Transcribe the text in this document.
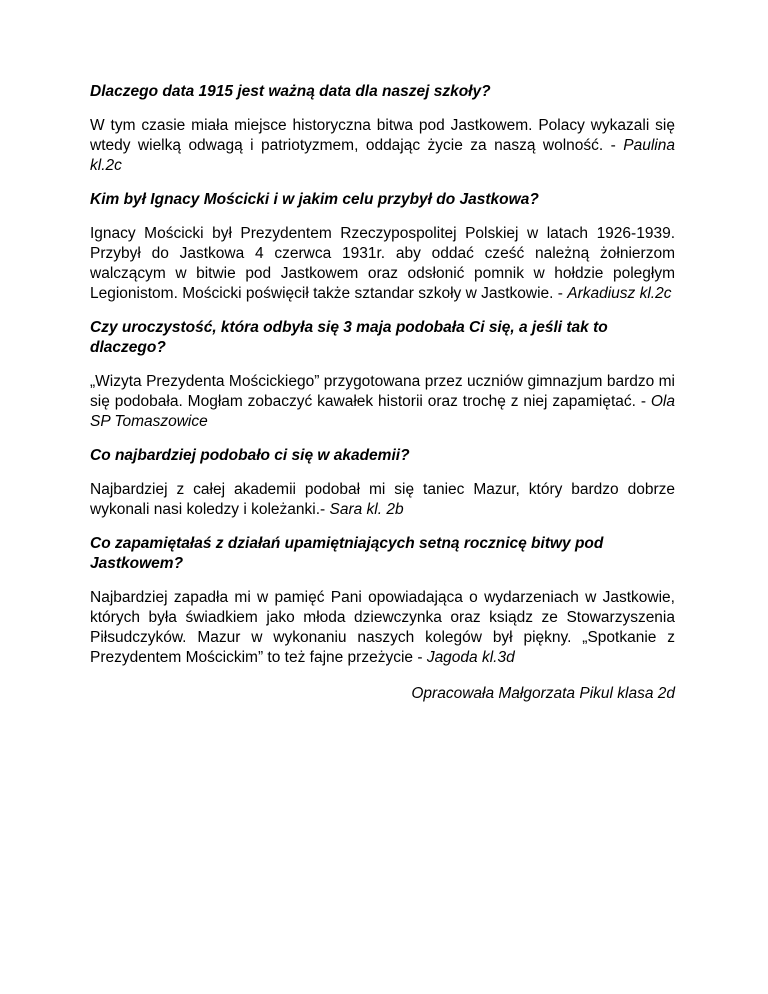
Dlaczego data 1915 jest ważną data dla naszej szkoły?

W tym czasie miała miejsce historyczna bitwa pod Jastkowem. Polacy wykazali się wtedy wielką odwagą i patriotyzmem, oddając życie za naszą wolność. - Paulina kl.2c

Kim był Ignacy Mościcki i w jakim celu przybył do Jastkowa?

Ignacy Mościcki był Prezydentem Rzeczypospolitej Polskiej w latach 1926-1939. Przybył do Jastkowa 4 czerwca 1931r. aby oddać cześć należną żołnierzom walczącym w bitwie pod Jastkowem oraz odsłonić pomnik w hołdzie poległym Legionistom. Mościcki poświęcił także sztandar szkoły w Jastkowie. - Arkadiusz kl.2c

Czy uroczystość, która odbyła się 3 maja podobała Ci się, a jeśli tak to dlaczego?

„Wizyta Prezydenta Mościckiego” przygotowana przez uczniów gimnazjum bardzo mi się podobała. Mogłam zobaczyć kawałek historii oraz trochę z niej zapamiętać. - Ola SP Tomaszowice

Co najbardziej podobało ci się w akademii?

Najbardziej z całej akademii podobał mi się taniec Mazur, który bardzo dobrze wykonali nasi koledzy i koleżanki.- Sara kl. 2b

Co zapamiętałaś z działań upamiętniających setną rocznicę bitwy pod Jastkowem?

Najbardziej zapadła mi w pamięć Pani opowiadająca o wydarzeniach w Jastkowie, których była świadkiem jako młoda dziewczynka oraz ksiądz ze Stowarzyszenia Piłsudczyków. Mazur w wykonaniu naszych kolegów był piękny. „Spotkanie z Prezydentem Mościckim” to też fajne przeżycie - Jagoda kl.3d

Opracowała Małgorzata Pikul klasa 2d
